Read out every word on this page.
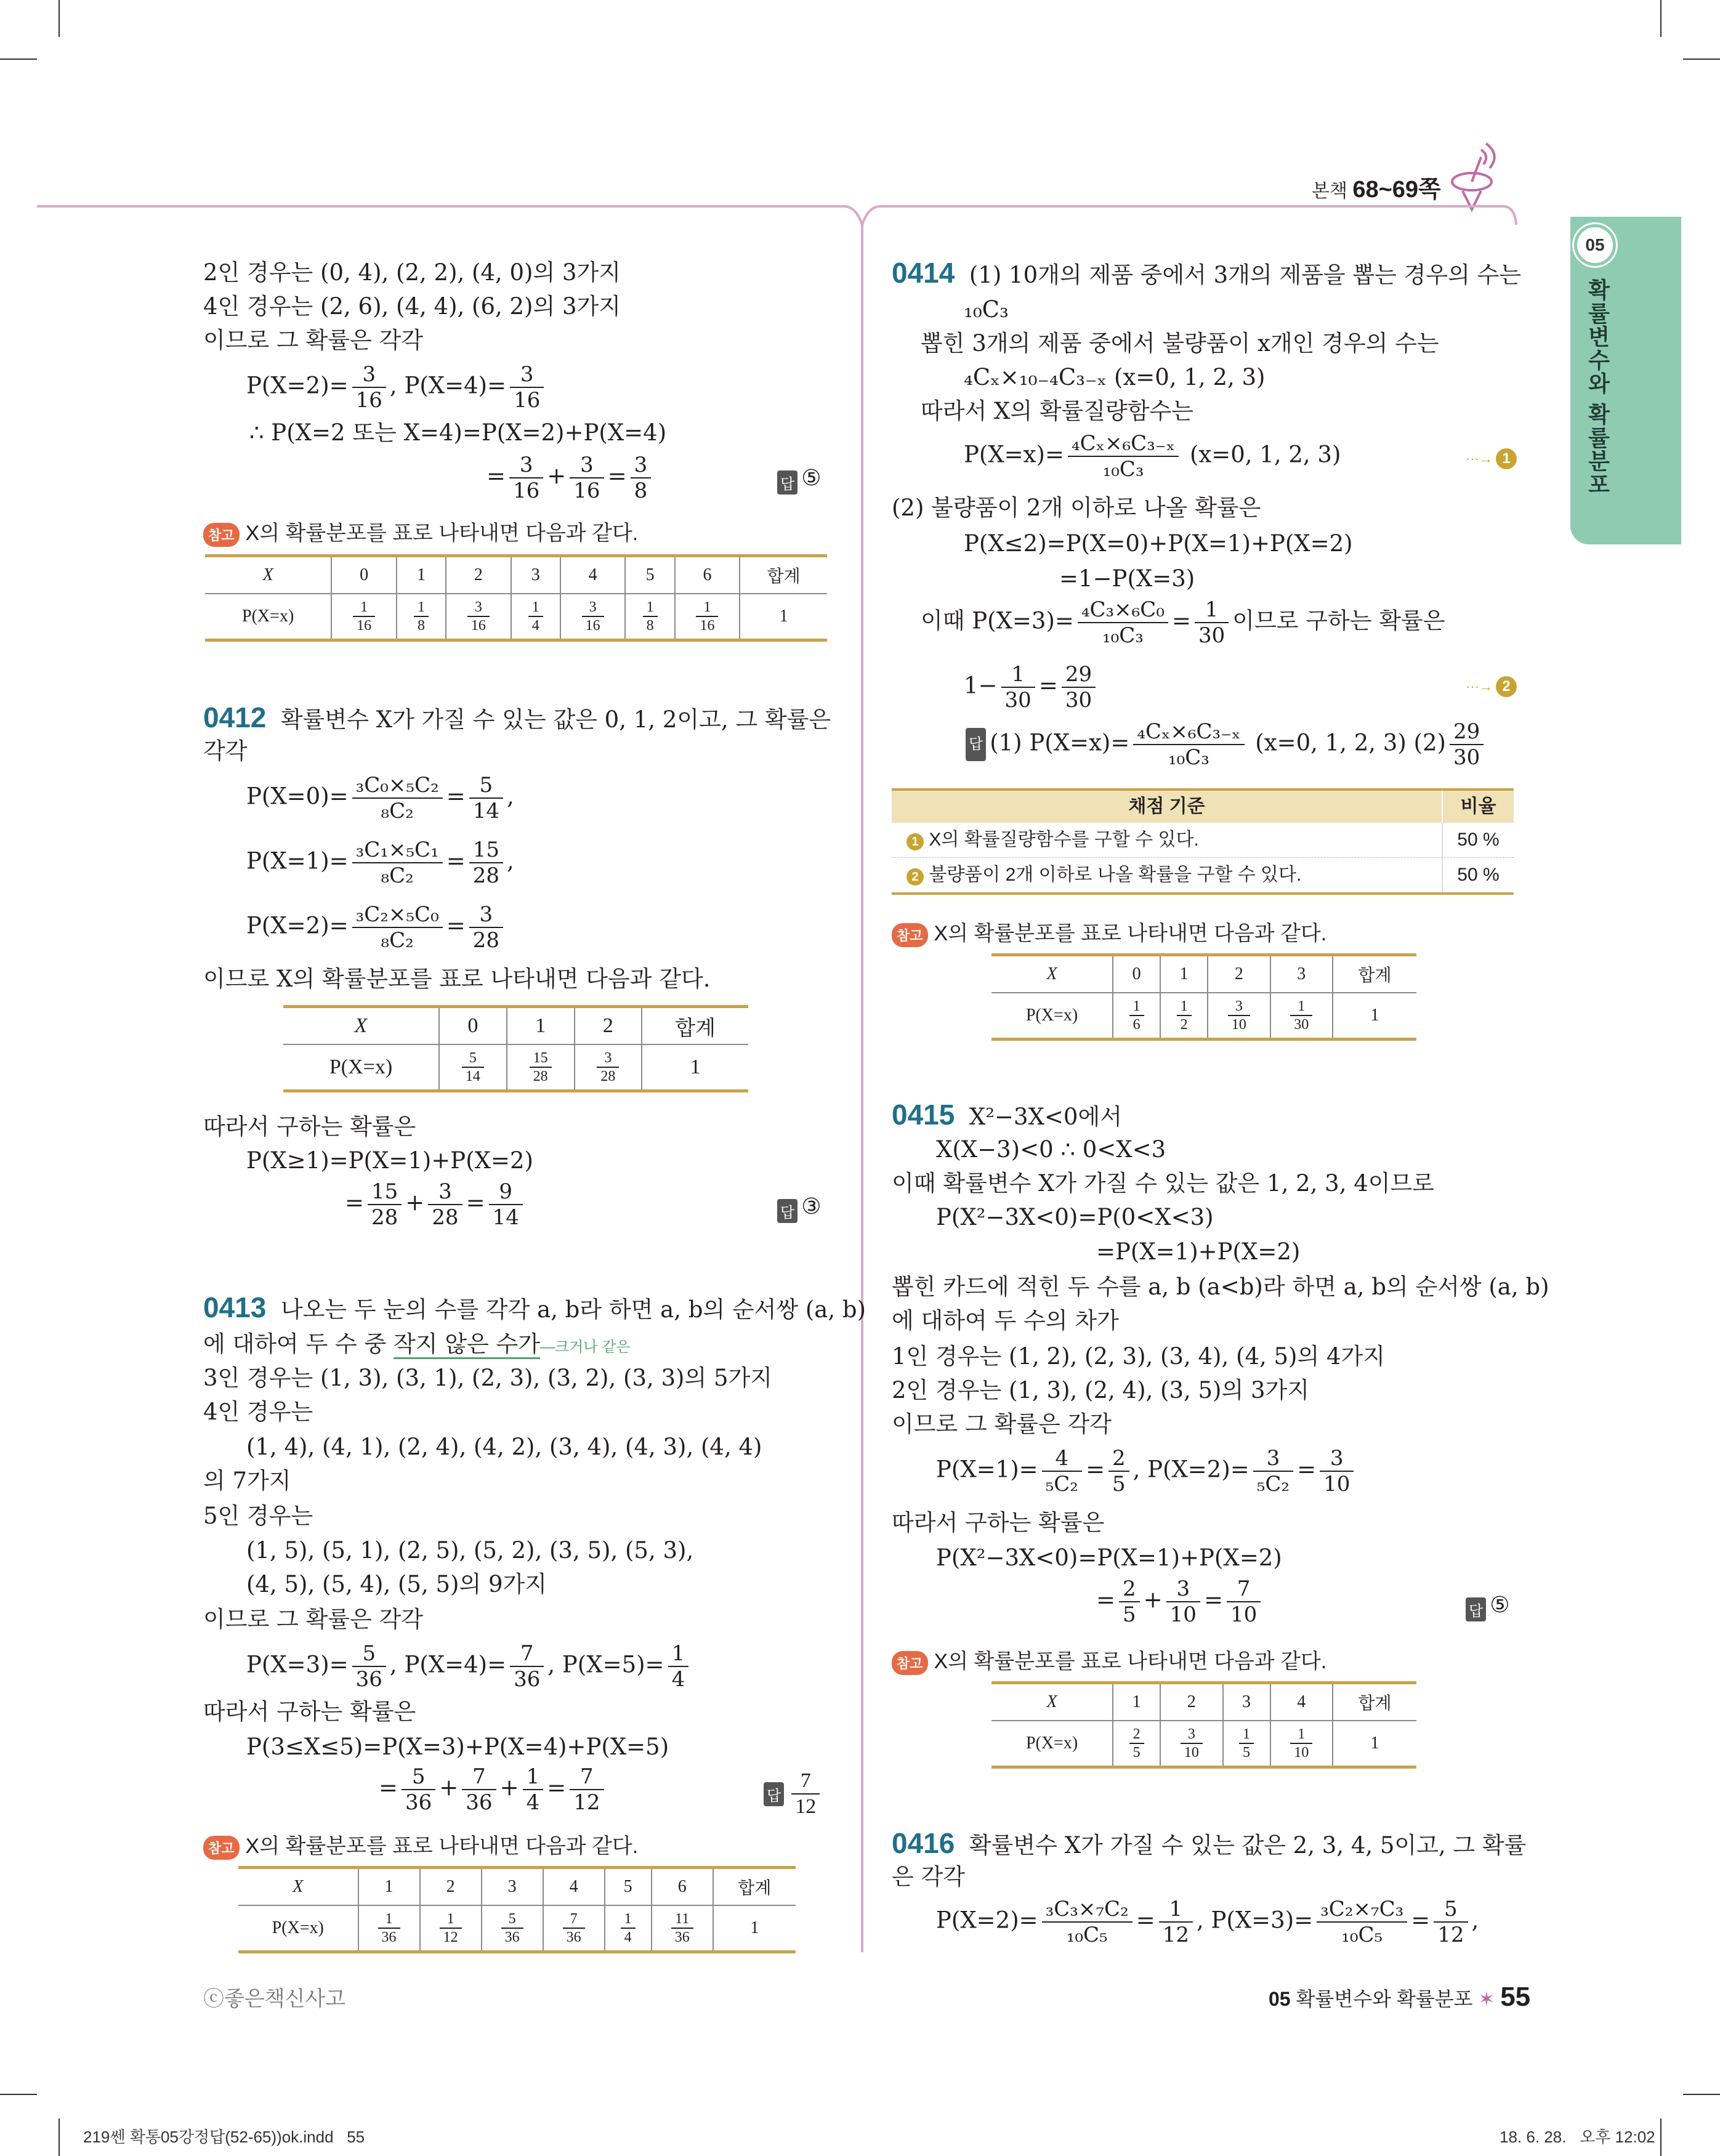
본책 68~69쪽
05
확률변수와 확률분포
2인 경우는 (0, 4), (2, 2), (4, 0)의 3가지
4인 경우는 (2, 6), (4, 4), (6, 2)의 3가지
이므로 그 확률은 각각
$P(X=2)= \frac{3}{16}$ , $P(X=4)= \frac{3}{16}$
∴ P(X=2 또는 X=4)=P(X=2)+P(X=4)
= $\frac{3}{16} + \frac{3}{16} = \frac{3}{8}$	답 ⑤
참고 X의 확률분포를 표로 나타내면 다음과 같다.
X	0	1	2	3	4	5	6	합계
P(X=x)	$\frac{1}{16}$	$\frac{1}{8}$	$\frac{3}{16}$	$\frac{1}{4}$	$\frac{3}{16}$	$\frac{1}{8}$	$\frac{1}{16}$	1
0412 확률변수 X가 가질 수 있는 값은 0, 1, 2이고, 그 확률은
각각
$P(X=0)= \frac{\text{₃C₀×₅C₂}}{\text{₈C₂}} = \frac{5}{14}$ ,
$P(X=1)= \frac{\text{₃C₁×₅C₁}}{\text{₈C₂}} = \frac{15}{28}$ ,
$P(X=2)= \frac{\text{₃C₂×₅C₀}}{\text{₈C₂}} = \frac{3}{28}$
이므로 X의 확률분포를 표로 나타내면 다음과 같다.
X	0	1	2	합계
P(X=x)	$\frac{5}{14}$	$\frac{15}{28}$	$\frac{3}{28}$	1
따라서 구하는 확률은
P(X≥1)=P(X=1)+P(X=2)
= $\frac{15}{28} + \frac{3}{28} = \frac{9}{14}$	답 ③
0413 나오는 두 눈의 수를 각각 a, b라 하면 a, b의 순서쌍 (a, b)
에 대하여 두 수 중 작지 않은 수가—크거나 같은
3인 경우는 (1, 3), (3, 1), (2, 3), (3, 2), (3, 3)의 5가지
4인 경우는
(1, 4), (4, 1), (2, 4), (4, 2), (3, 4), (4, 3), (4, 4)
의 7가지
5인 경우는
(1, 5), (5, 1), (2, 5), (5, 2), (3, 5), (5, 3),
(4, 5), (5, 4), (5, 5)의 9가지
이므로 그 확률은 각각
$P(X=3)= \frac{5}{36}$ , $P(X=4)= \frac{7}{36}$ , $P(X=5)= \frac{1}{4}$
따라서 구하는 확률은
P(3≤X≤5)=P(X=3)+P(X=4)+P(X=5)
= $\frac{5}{36} + \frac{7}{36} + \frac{1}{4} = \frac{7}{12}$	답 $\frac{7}{12}$
참고 X의 확률분포를 표로 나타내면 다음과 같다.
X	1	2	3	4	5	6	합계
P(X=x)	$\frac{1}{36}$	$\frac{1}{12}$	$\frac{5}{36}$	$\frac{7}{36}$	$\frac{1}{4}$	$\frac{11}{36}$	1
0414 (1) 10개의 제품 중에서 3개의 제품을 뽑는 경우의 수는
₁₀C₃
뽑힌 3개의 제품 중에서 불량품이 x개인 경우의 수는
₄Cₓ×₁₀₋₄C₃₋ₓ (x=0, 1, 2, 3)
따라서 X의 확률질량함수는
$P(X=x)= \frac{\text{₄Cₓ×₆C₃₋ₓ}}{\text{₁₀C₃}} (x=0$, 1, 2, 3)	···→ 1
(2) 불량품이 2개 이하로 나올 확률은
P(X≤2)=P(X=0)+P(X=1)+P(X=2)
=1−P(X=3)
이때 $P(X=3)= \frac{\text{₄C₃×₆C₀}}{\text{₁₀C₃}} = \frac{1}{30}$ 이므로 구하는 확률은
$1- \frac{1}{30} = \frac{29}{30}$	···→ 2
답 (1) $P(X=x)= \frac{\text{₄Cₓ×₆C₃₋ₓ}}{\text{₁₀C₃}} (x=0$, 1, 2, 3) $(2) \frac{29}{30}$
채점 기준	비율
1 X의 확률질량함수를 구할 수 있다.	50 %
2 불량품이 2개 이하로 나올 확률을 구할 수 있다.	50 %
참고 X의 확률분포를 표로 나타내면 다음과 같다.
X	0	1	2	3	합계
P(X=x)	$\frac{1}{6}$	$\frac{1}{2}$	$\frac{3}{10}$	$\frac{1}{30}$	1
0415 X²−3X<0에서
X(X−3)<0 ∴ 0<X<3
이때 확률변수 X가 가질 수 있는 값은 1, 2, 3, 4이므로
P(X²−3X<0)=P(0<X<3)
=P(X=1)+P(X=2)
뽑힌 카드에 적힌 두 수를 a, b (a<b)라 하면 a, b의 순서쌍 (a, b)
에 대하여 두 수의 차가
1인 경우는 (1, 2), (2, 3), (3, 4), (4, 5)의 4가지
2인 경우는 (1, 3), (2, 4), (3, 5)의 3가지
이므로 그 확률은 각각
$P(X=1)= \frac{4}{\text{₅C₂}} = \frac{2}{5}$ , $P(X=2)= \frac{3}{\text{₅C₂}} = \frac{3}{10}$
따라서 구하는 확률은
P(X²−3X<0)=P(X=1)+P(X=2)
= $\frac{2}{5} + \frac{3}{10} = \frac{7}{10}$	답 ⑤
참고 X의 확률분포를 표로 나타내면 다음과 같다.
X	1	2	3	4	합계
P(X=x)	$\frac{2}{5}$	$\frac{3}{10}$	$\frac{1}{5}$	$\frac{1}{10}$	1
0416 확률변수 X가 가질 수 있는 값은 2, 3, 4, 5이고, 그 확률
은 각각
$P(X=2)= \frac{\text{₃C₃×₇C₂}}{\text{₁₀C₅}} = \frac{1}{12}$ , $P(X=3)= \frac{\text{₃C₂×₇C₃}}{\text{₁₀C₅}} = \frac{5}{12}$ ,
ⓒ좋은책신사고	05 확률변수와 확률분포 ✶ 55
219쎈 확통05강정답(52-65))ok.indd   55	18. 6. 28.   오후 12:02
